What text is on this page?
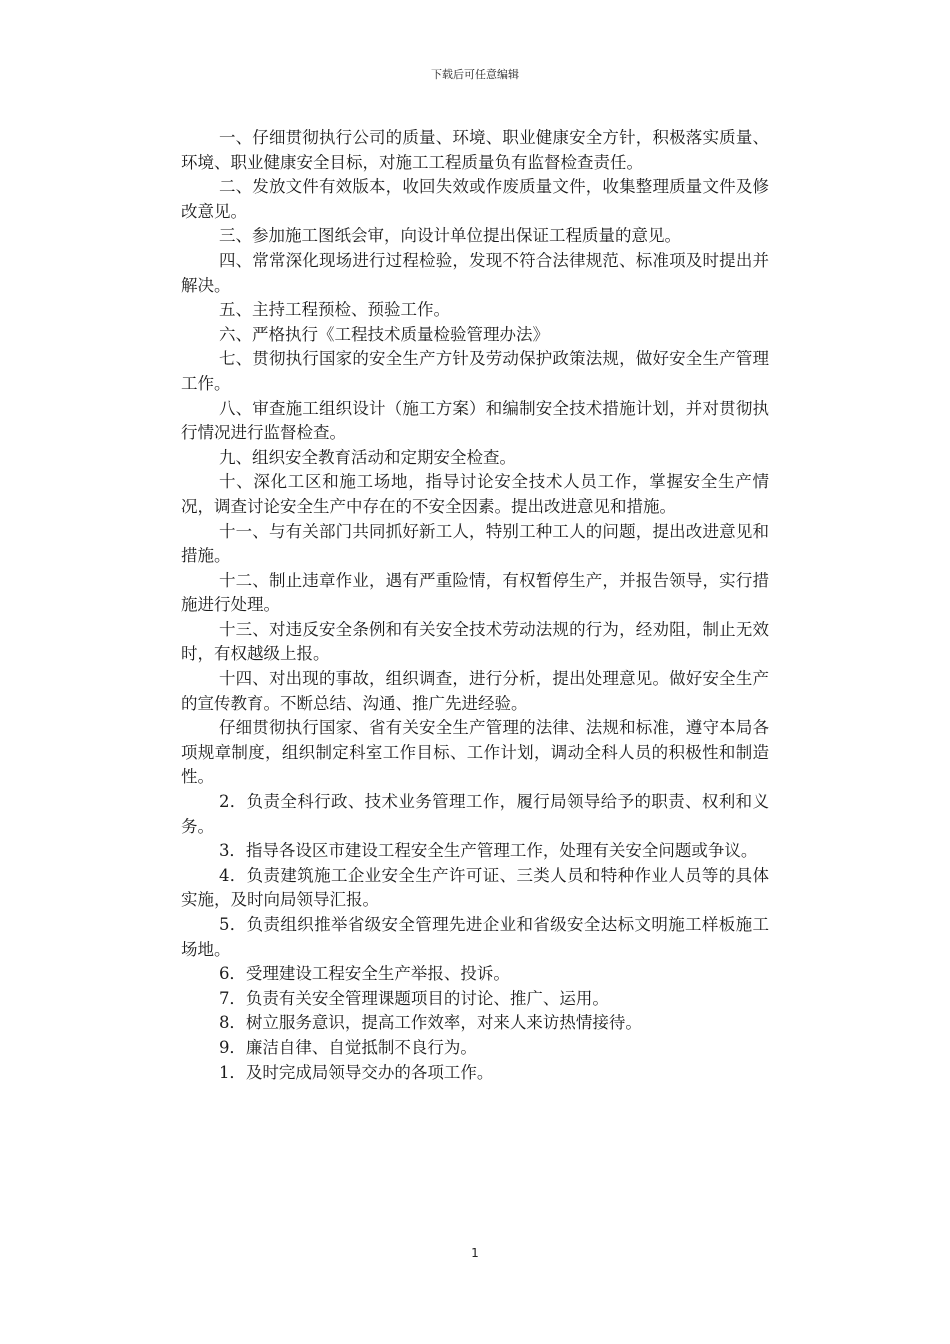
下载后可任意编辑

一、仔细贯彻执行公司的质量、环境、职业健康安全方针，积极落实质量、环境、职业健康安全目标，对施工工程质量负有监督检查责任。

二、发放文件有效版本，收回失效或作废质量文件，收集整理质量文件及修改意见。

三、参加施工图纸会审，向设计单位提出保证工程质量的意见。

四、常常深化现场进行过程检验，发现不符合法律规范、标准项及时提出并解决。

五、主持工程预检、预验工作。

六、严格执行《工程技术质量检验管理办法》

七、贯彻执行国家的安全生产方针及劳动保护政策法规，做好安全生产管理工作。

八、审查施工组织设计（施工方案）和编制安全技术措施计划，并对贯彻执行情况进行监督检查。

九、组织安全教育活动和定期安全检查。

十、深化工区和施工场地，指导讨论安全技术人员工作，掌握安全生产情况，调查讨论安全生产中存在的不安全因素。提出改进意见和措施。

十一、与有关部门共同抓好新工人，特别工种工人的问题，提出改进意见和措施。

十二、制止违章作业，遇有严重险情，有权暂停生产，并报告领导，实行措施进行处理。

十三、对违反安全条例和有关安全技术劳动法规的行为，经劝阻，制止无效时，有权越级上报。

十四、对出现的事故，组织调查，进行分析，提出处理意见。做好安全生产的宣传教育。不断总结、沟通、推广先进经验。

仔细贯彻执行国家、省有关安全生产管理的法律、法规和标准，遵守本局各项规章制度，组织制定科室工作目标、工作计划，调动全科人员的积极性和制造性。

2．负责全科行政、技术业务管理工作，履行局领导给予的职责、权利和义务。

3．指导各设区市建设工程安全生产管理工作，处理有关安全问题或争议。

4．负责建筑施工企业安全生产许可证、三类人员和特种作业人员等的具体实施，及时向局领导汇报。

5．负责组织推举省级安全管理先进企业和省级安全达标文明施工样板施工场地。

6．受理建设工程安全生产举报、投诉。

7．负责有关安全管理课题项目的讨论、推广、运用。

8．树立服务意识，提高工作效率，对来人来访热情接待。

9．廉洁自律、自觉抵制不良行为。

1．及时完成局领导交办的各项工作。

1
